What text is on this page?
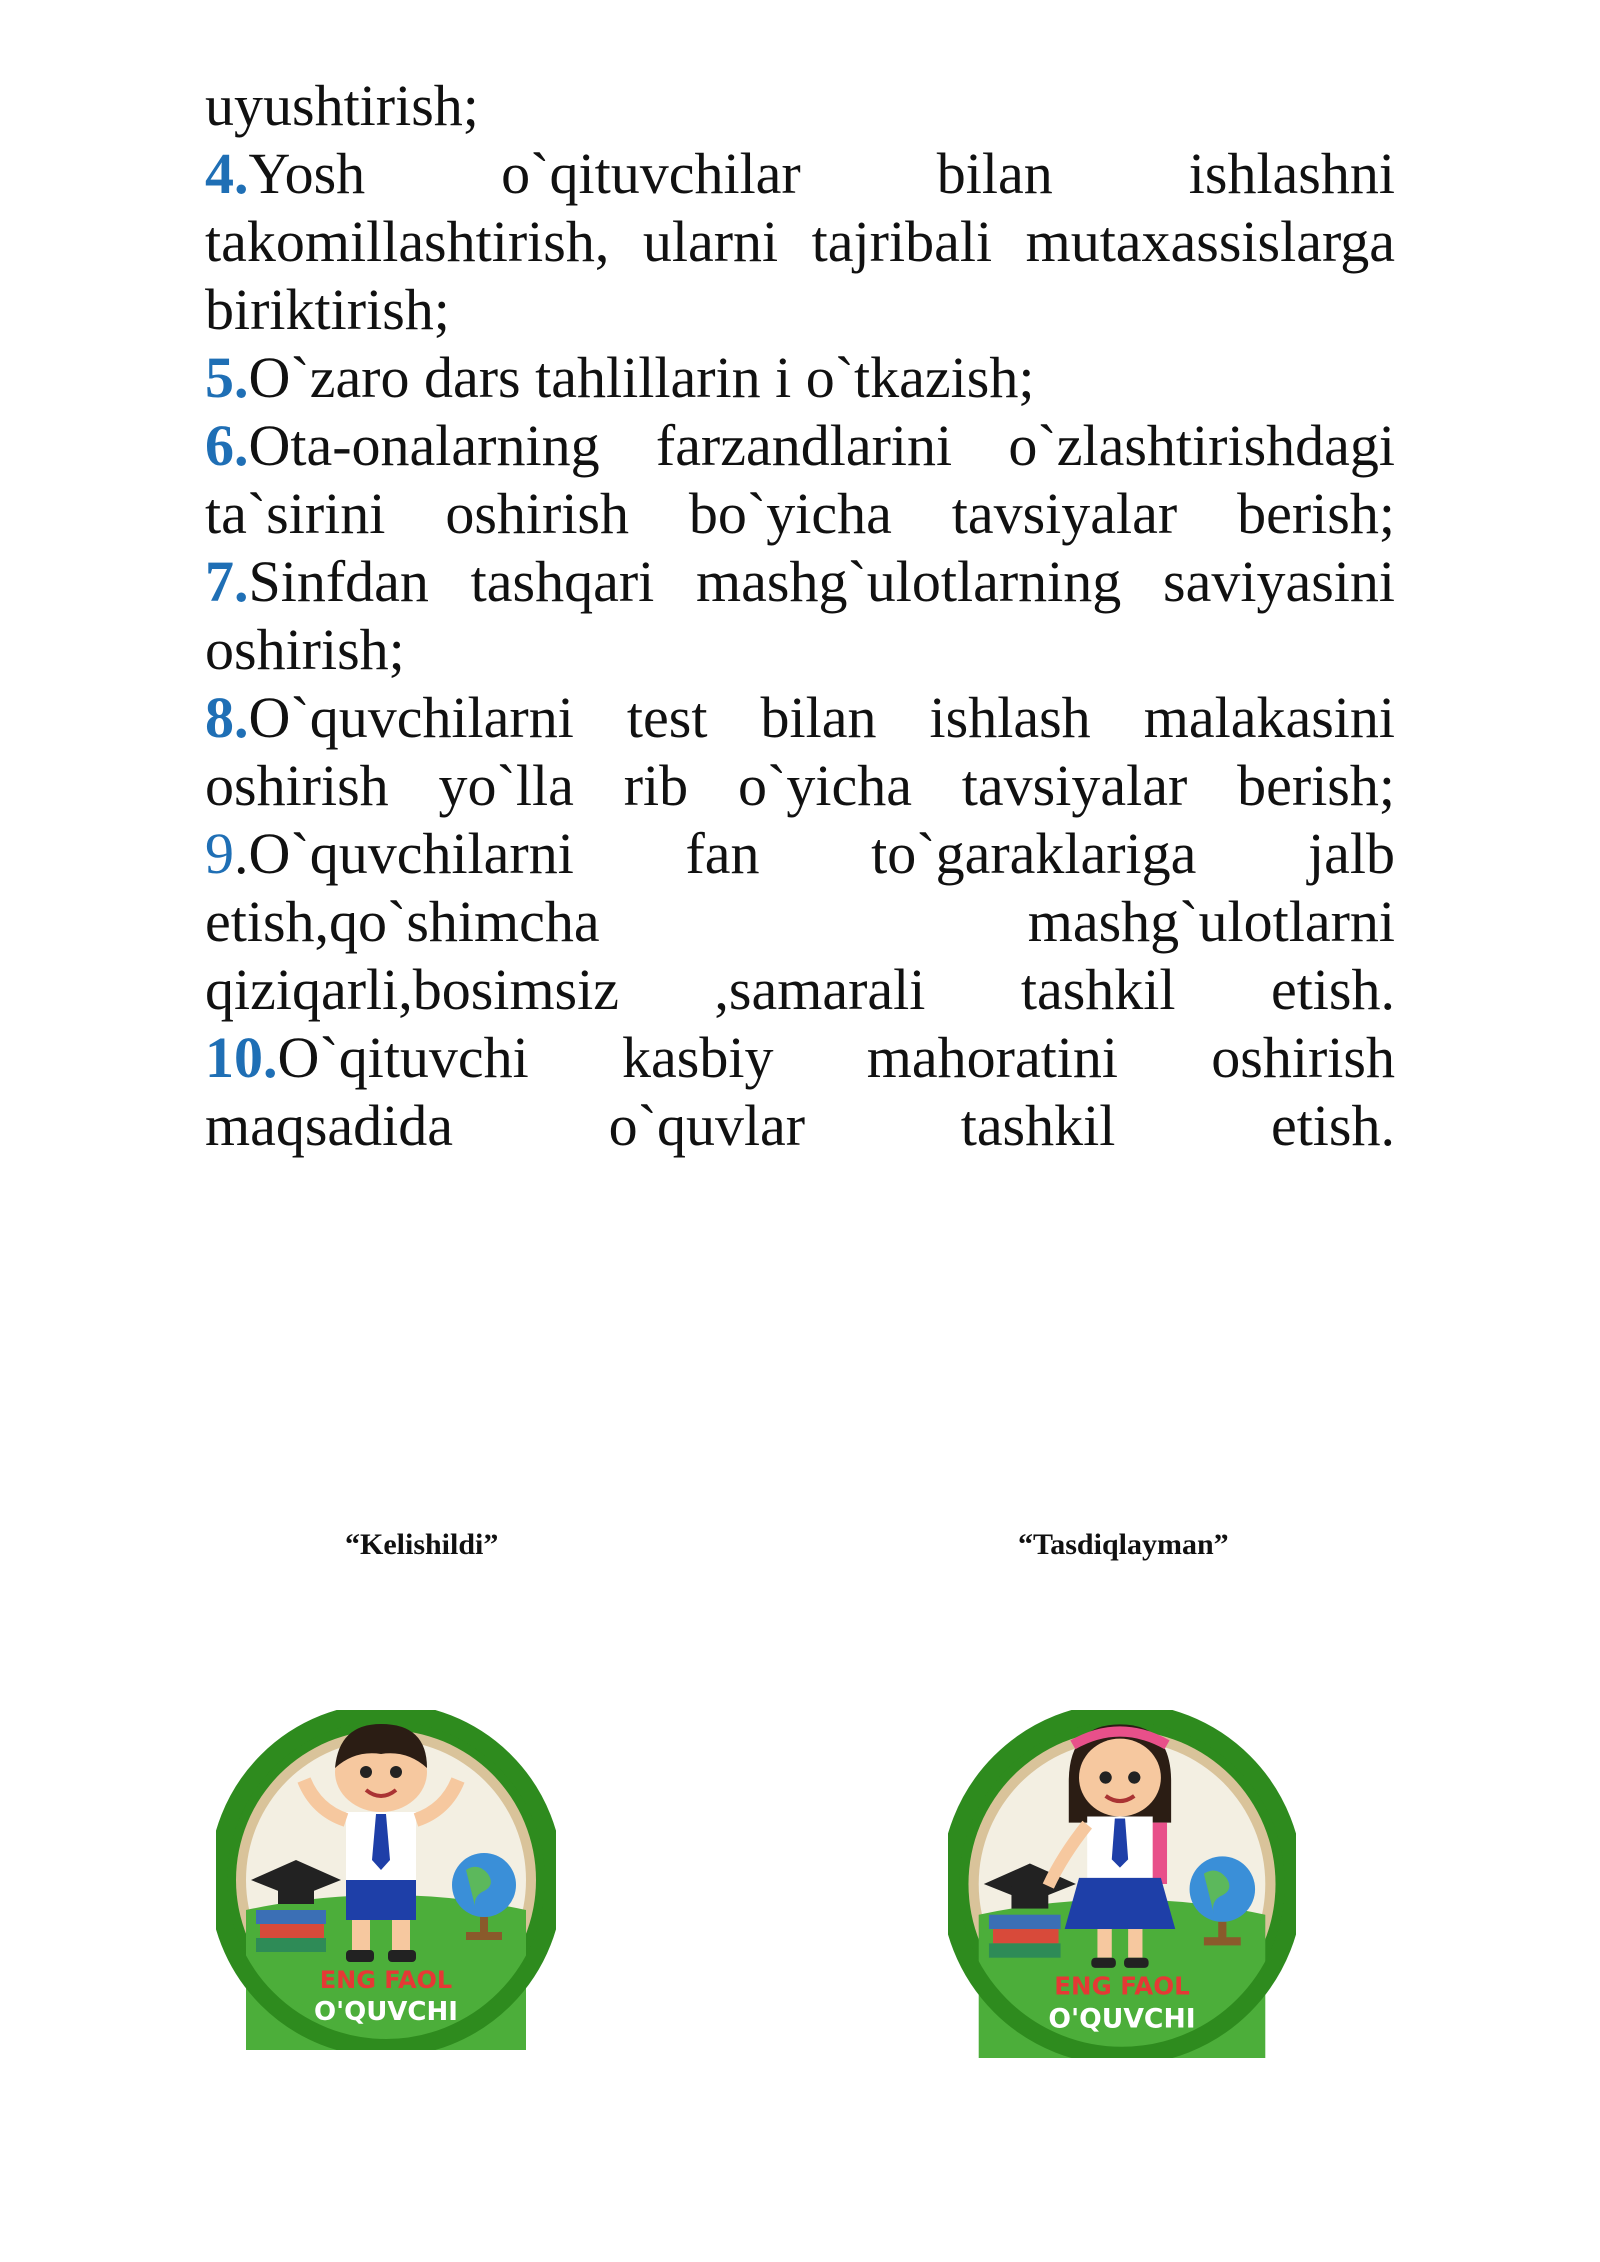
uyushtirish;
4.Yosh o`qituvchilar bilan ishlashni takomillashtirish, ularni tajribali mutaxassislarga biriktirish;
5.O`zaro dars tahlillarin i o`tkazish;
6.Ota-onalarning farzandlarini o`zlashtirishdagi ta`sirini oshirish bo`yicha tavsiyalar berish;
7.Sinfdan tashqari mashg`ulotlarning saviyasini oshirish;
8.O`quvchilarni test bilan ishlash malakasini oshirish yo`lla rib o`yicha tavsiyalar berish;
9.O`quvchilarni fan to`garaklariga jalb etish,qo`shimcha mashg`ulotlarni qiziqarli,bosimsiz ,samarali tashkil etish.
10.O`qituvchi kasbiy mahoratini oshirish maqsadida o`quvlar tashkil etish.
“Kelishildi”	“Tasdiqlayman”
ENG FAOL
O'QUVCHI
ENG FAOL
O'QUVCHI
